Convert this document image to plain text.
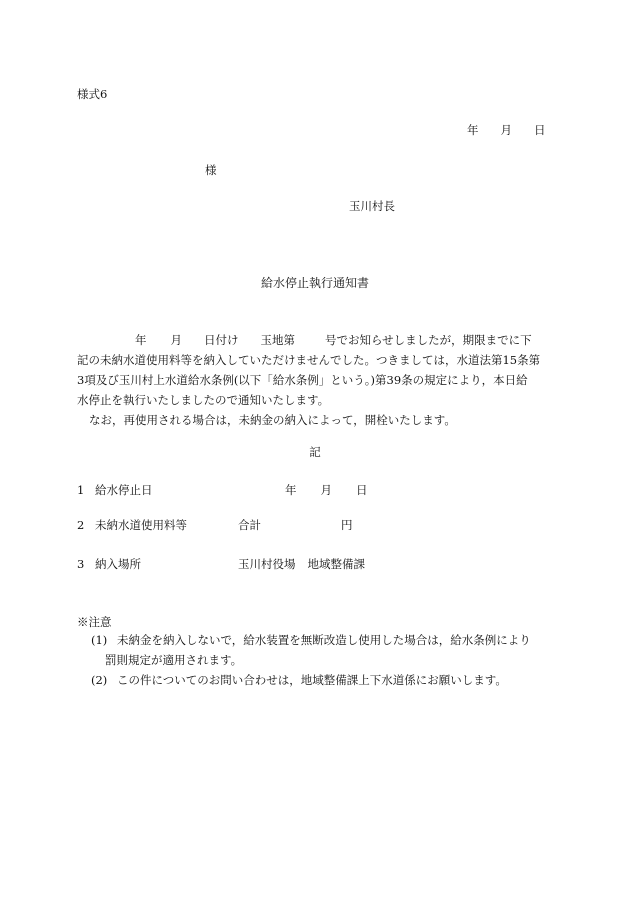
様式6
年 月 日
様
玉川村長
給水停止執行通知書

年 月 日付け 玉地第	号でお知らせしましたが，期限までに下

記の未納水道使用料等を納入していただけませんでした。つきましては，水道法第15条第

3項及び玉川村上水道給水条例(以下「給水条例」という。)第39条の規定により，本日給

水停止を執行いたしましたので通知いたします。

なお，再使用される場合は，未納金の納入によって，開栓いたします。

記
1 給水停止日	年 月 日
2 未納水道使用料等	合計	円
3 納入場所	玉川村役場 地域整備課
※注意
(1) 未納金を納入しないで，給水装置を無断改造し使用した場合は，給水条例により
罰則規定が適用されます。
(2) この件についてのお問い合わせは，地域整備課上下水道係にお願いします。
